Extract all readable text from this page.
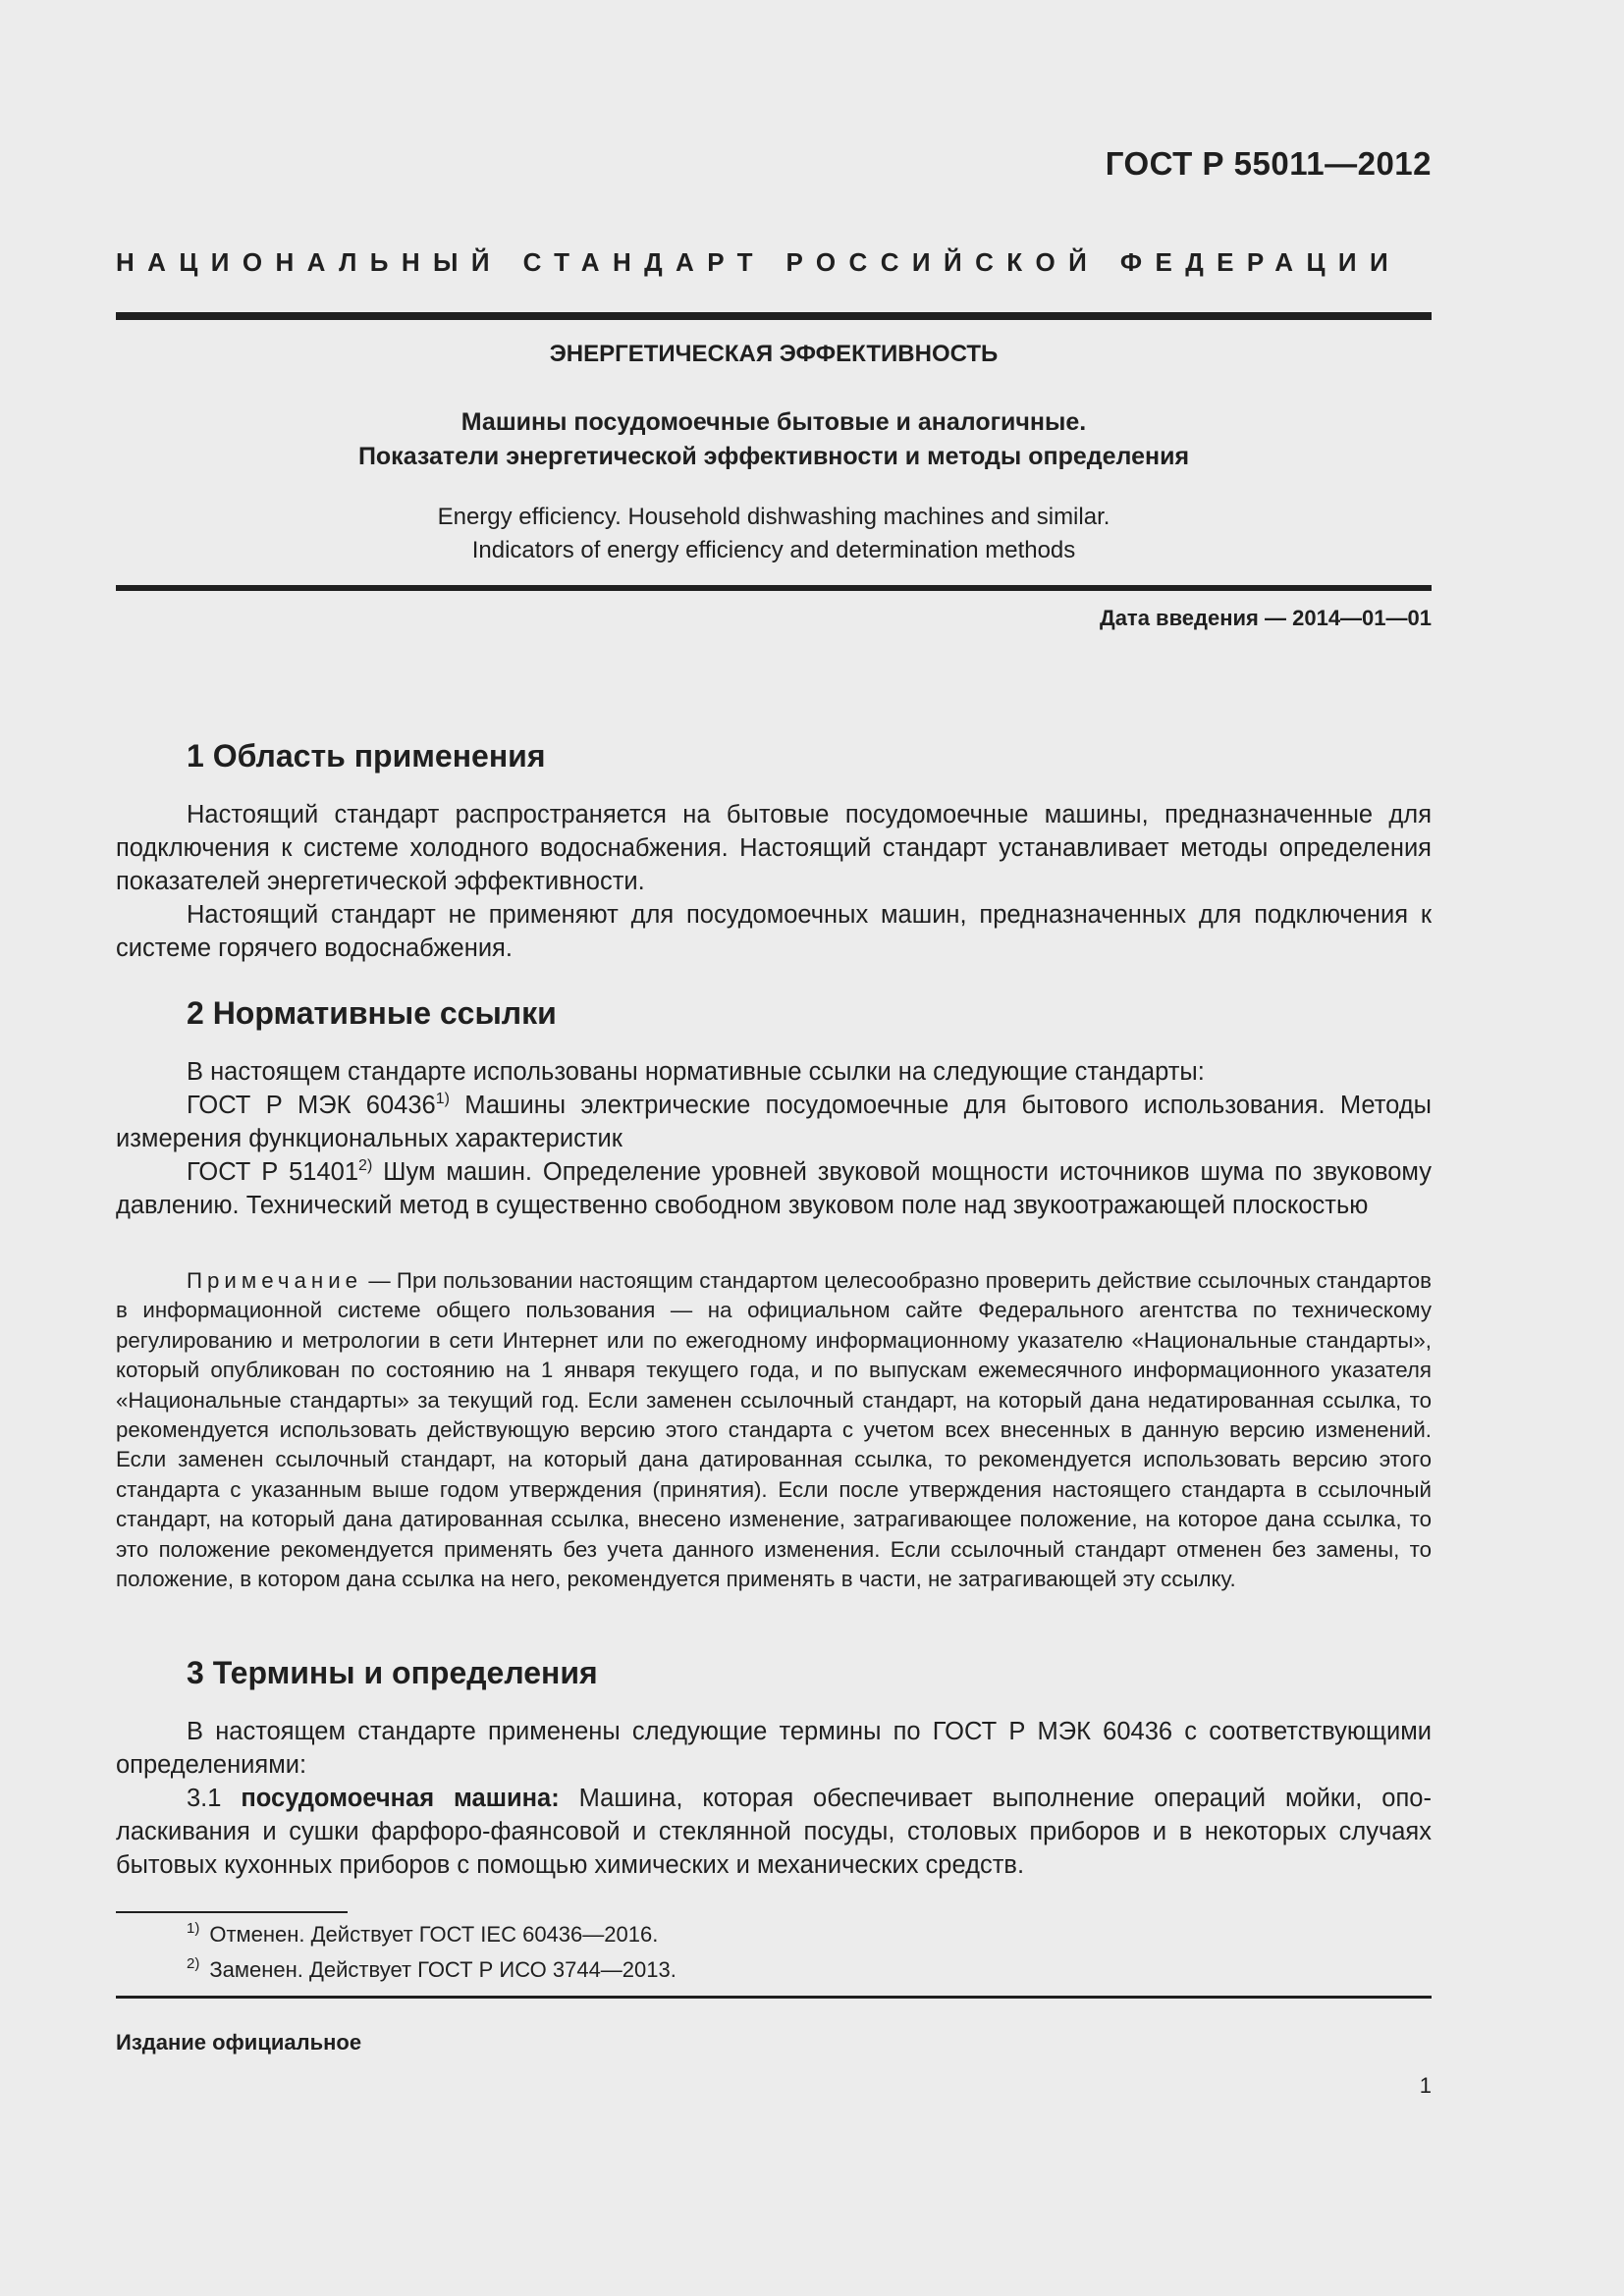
ГОСТ Р 55011—2012
НАЦИОНАЛЬНЫЙ СТАНДАРТ РОССИЙСКОЙ ФЕДЕРАЦИИ
ЭНЕРГЕТИЧЕСКАЯ ЭФФЕКТИВНОСТЬ
Машины посудомоечные бытовые и аналогичные.
Показатели энергетической эффективности и методы определения
Energy efficiency. Household dishwashing machines and similar.
Indicators of energy efficiency and determination methods
Дата введения — 2014—01—01
1 Область применения

Настоящий стандарт распространяется на бытовые посудомоечные машины, предназначенные для подключения к системе холодного водоснабжения. Настоящий стандарт устанавливает методы определения показателей энергетической эффективности.

Настоящий стандарт не применяют для посудомоечных машин, предназначенных для подключения к системе горячего водоснабжения.

2 Нормативные ссылки

В настоящем стандарте использованы нормативные ссылки на следующие стандарты:

ГОСТ Р МЭК 60436$^{1)}$ Машины электрические посудомоечные для бытового использования. Методы измерения функциональных характеристик

ГОСТ Р 51401$^{2)}$ Шум машин. Определение уровней звуковой мощности источников шума по звуковому давлению. Технический метод в существенно свободном звуковом поле над звукоотражающей плоскостью

Примечание — При пользовании настоящим стандартом целесообразно проверить действие ссылочных стандартов в информационной системе общего пользования — на официальном сайте Федерального агентства по техническому регулированию и метрологии в сети Интернет или по ежегодному информационному указателю «Национальные стандарты», который опубликован по состоянию на 1 января текущего года, и по выпускам ежемесячного информационного указателя «Национальные стандарты» за текущий год. Если заменен ссылочный стандарт, на который дана недатированная ссылка, то рекомендуется использовать действующую версию этого стандарта с учетом всех внесенных в данную версию изменений. Если заменен ссылочный стандарт, на который дана датированная ссылка, то рекомендуется использовать версию этого стандарта с указанным выше годом утверждения (принятия). Если после утверждения настоящего стандарта в ссылочный стандарт, на который дана датированная ссылка, внесено изменение, затрагивающее положение, на которое дана ссылка, то это положение рекомендуется применять без учета данного изменения. Если ссылочный стандарт отменен без замены, то положение, в котором дана ссылка на него, рекомендуется применять в части, не затрагивающей эту ссылку.

3 Термины и определения

В настоящем стандарте применены следующие термины по ГОСТ Р МЭК 60436 с соответствующими определениями:

3.1 посудомоечная машина: Машина, которая обеспечивает выполнение операций мойки, ополаскивания и сушки фарфоро-фаянсовой и стеклянной посуды, столовых приборов и в некоторых случаях бытовых кухонных приборов с помощью химических и механических средств.

$^{1)}$ Отменен. Действует ГОСТ IEC 60436—2016.
$^{2)}$ Заменен. Действует ГОСТ Р ИСО 3744—2013.
Издание официальное
1
